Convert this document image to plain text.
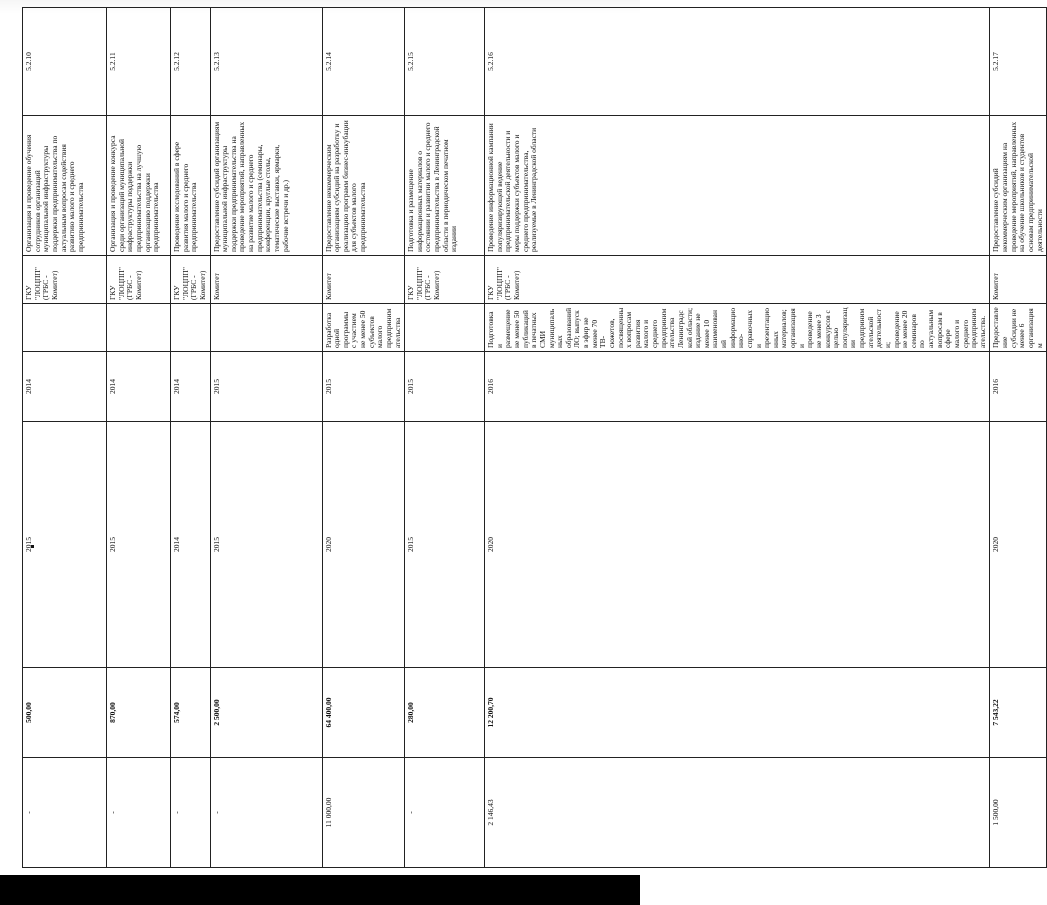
-	500,00	2015	2014		ГКУ "ЛОЦПП" (ГРБС - Комитет)	Организация и проведение обучения сотрудников организаций муниципальной инфраструктуры поддержки предпринимательства по актуальным вопросам содействия развитию малого и среднего предпринимательства	5.2.10
-	870,00	2015	2014		ГКУ "ЛОЦПП" (ГРБС - Комитет)	Организация и проведение конкурса среди организаций муниципальной инфраструктуры поддержки предпринимательства на лучшую организацию поддержки предпринимательства	5.2.11
-	574,00	2014	2014		ГКУ "ЛОЦПП" (ГРБС - Комитет)	Проведение исследований в сфере развития малого и среднего предпринимательства	5.2.12
-	2 500,00	2015	2015		Комитет	Предоставление субсидий организациям муниципальной инфраструктуры поддержки предпринимательства на проведение мероприятий, направленных на развитие малого и среднего предпринимательства (семинары, конференции, круглые столы, тематические выставки, ярмарки, рабочие встречи и др.)	5.2.13
11 000,00	64 400,00	2020	2015	Разработка одной программы с участием не менее 50 субъектов малого предпринимательства	Комитет	Предоставление некоммерческим организациям субсидий на разработку и реализацию программ бизнес-инкубации для субъектов малого предпринимательства	5.2.14
-	280,00	2015	2015		ГКУ "ЛОЦПП" (ГРБС - Комитет)	Подготовка и размещение информационных материалов о состоянии и развитии малого и среднего предпринимательства в Ленинградской области в периодическом печатном издании	5.2.15
2 146,43	12 200,70	2020	2016	Подготовка и размещение не менее 50 публикаций в печатных СМИ муниципальных образований ЛО; выпуск в эфир не менее 70 ТВ-сюжетов, посвященных вопросам развития малого и среднего предпринимательства Ленинградской области; издание не менее 10 наименований информационно-справочных и презентационных материалов; организация и проведение не менее 3 конкурсов с целью популяризации предпринимательской деятельности; проведение не менее 20 семинаров по актуальным вопросам в сфере малого и среднего предпринимательства.	ГКУ "ЛОЦПП" (ГРБС - Комитет)	Проведение информационной кампании популяризирующей ведение предпринимательской деятельности и меры поддержки субъектов малого и среднего предпринимательства, реализуемые в Ленинградской области	5.2.16
1 500,00	7 543,22	2020	2016	Предоставление субсидии не менее 6 организациям	Комитет	Предоставление субсидий некоммерческим организациям на проведение мероприятий, направленных на обучение школьников и студентов основам предпринимательской деятельности	5.2.17
